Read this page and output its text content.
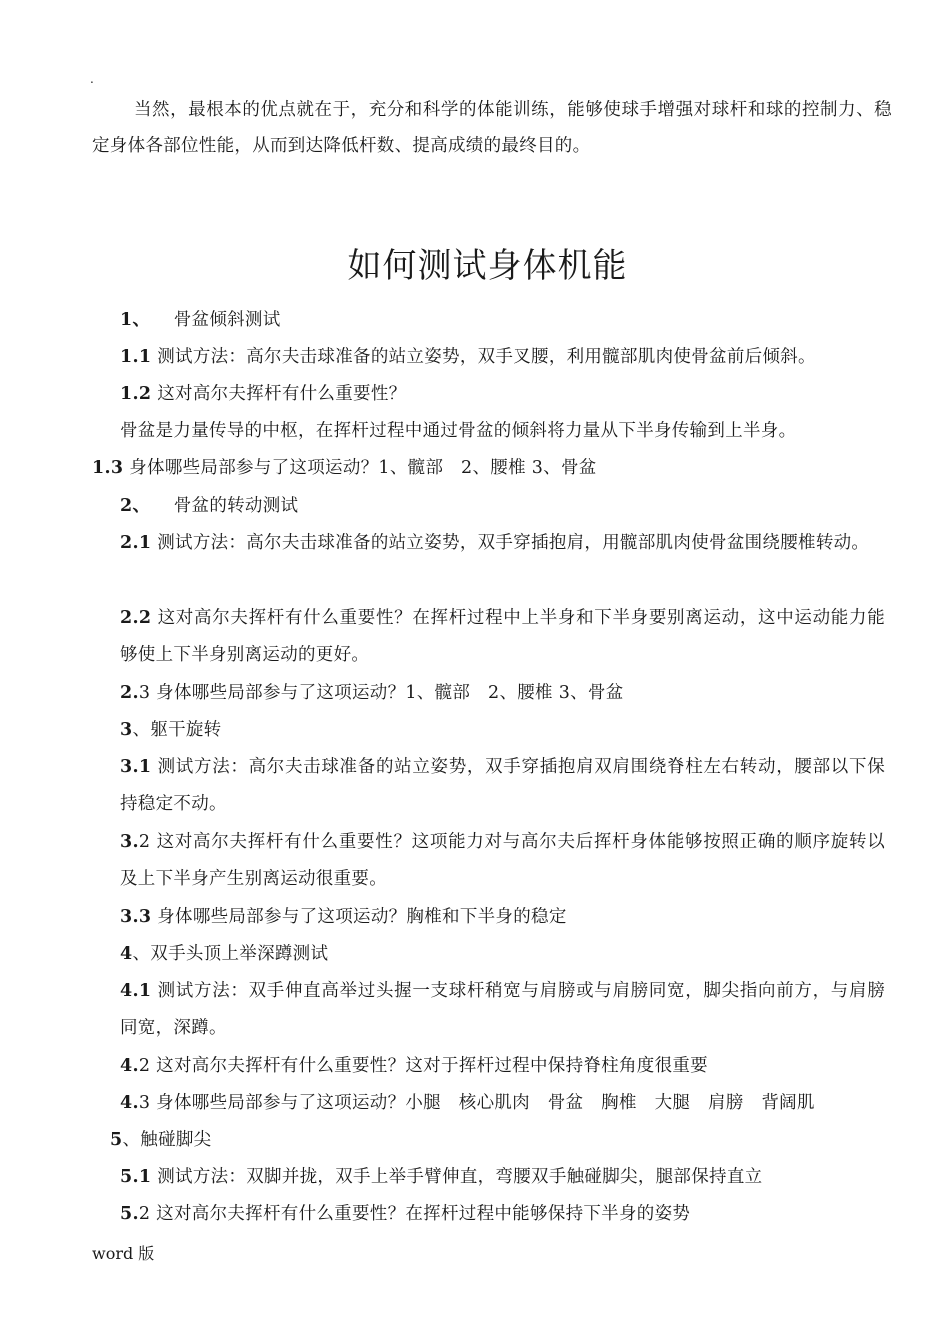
.

当然，最根本的优点就在于，充分和科学的体能训练，能够使球手增强对球杆和球的控制力、稳定身体各部位性能，从而到达降低杆数、提高成绩的最终目的。

如何测试身体机能
1、 骨盆倾斜测试
1.1 测试方法：高尔夫击球准备的站立姿势，双手叉腰，利用髋部肌肉使骨盆前后倾斜。
1.2 这对高尔夫挥杆有什么重要性？
骨盆是力量传导的中枢，在挥杆过程中通过骨盆的倾斜将力量从下半身传输到上半身。
1.3 身体哪些局部参与了这项运动？1、髋部　2、腰椎 3、骨盆
2、 骨盆的转动测试
2.1 测试方法：高尔夫击球准备的站立姿势，双手穿插抱肩，用髋部肌肉使骨盆围绕腰椎转动。
2.2 这对高尔夫挥杆有什么重要性？在挥杆过程中上半身和下半身要别离运动，这中运动能力能够使上下半身别离运动的更好。
2.3 身体哪些局部参与了这项运动？1、髋部　2、腰椎 3、骨盆
3、躯干旋转
3.1 测试方法：高尔夫击球准备的站立姿势，双手穿插抱肩双肩围绕脊柱左右转动，腰部以下保持稳定不动。
3.2 这对高尔夫挥杆有什么重要性？这项能力对与高尔夫后挥杆身体能够按照正确的顺序旋转以及上下半身产生别离运动很重要。
3.3 身体哪些局部参与了这项运动？胸椎和下半身的稳定
4、双手头顶上举深蹲测试
4.1 测试方法：双手伸直高举过头握一支球杆稍宽与肩膀或与肩膀同宽，脚尖指向前方，与肩膀同宽，深蹲。
4.2 这对高尔夫挥杆有什么重要性？这对于挥杆过程中保持脊柱角度很重要
4.3 身体哪些局部参与了这项运动？小腿　核心肌肉　骨盆　胸椎　大腿　肩膀　背阔肌
5、触碰脚尖
5.1 测试方法：双脚并拢，双手上举手臂伸直，弯腰双手触碰脚尖，腿部保持直立
5.2 这对高尔夫挥杆有什么重要性？在挥杆过程中能够保持下半身的姿势
word 版
